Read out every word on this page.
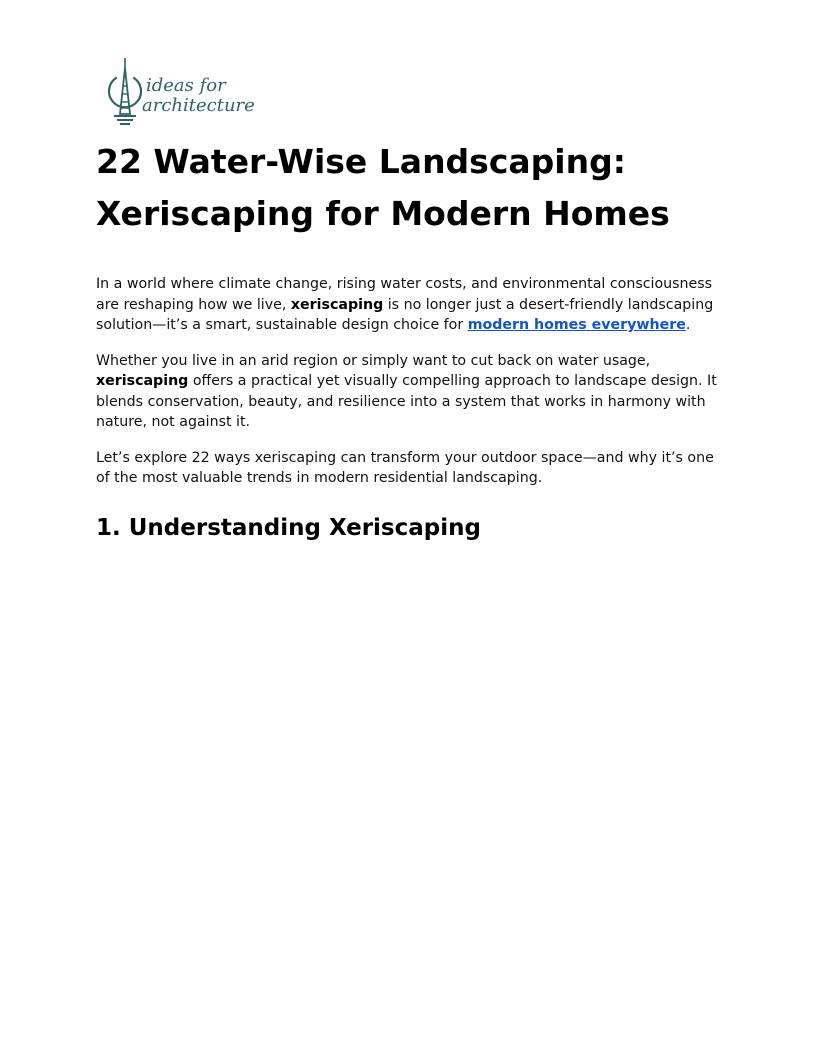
ideas for
architecture
22 Water-Wise Landscaping:
Xeriscaping for Modern Homes

In a world where climate change, rising water costs, and environmental consciousness are reshaping how we live, xeriscaping is no longer just a desert-friendly landscaping solution—it’s a smart, sustainable design choice for modern homes everywhere.

Whether you live in an arid region or simply want to cut back on water usage, xeriscaping offers a practical yet visually compelling approach to landscape design. It blends conservation, beauty, and resilience into a system that works in harmony with nature, not against it.

Let’s explore 22 ways xeriscaping can transform your outdoor space—and why it’s one of the most valuable trends in modern residential landscaping.

1. Understanding Xeriscaping
